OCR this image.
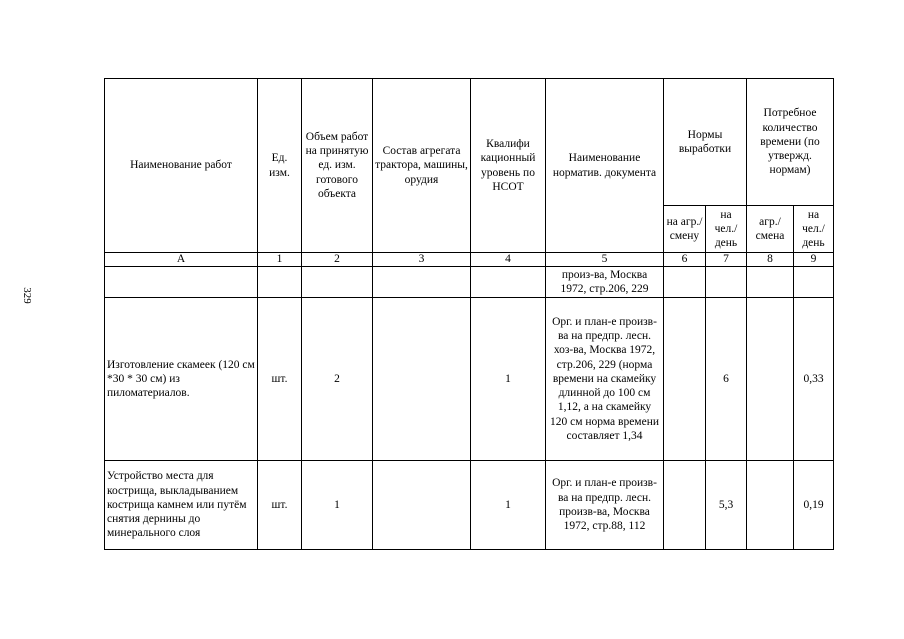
329
Наименование работ	Ед. изм.	Объем работ на принятую ед. изм. готового объекта	Состав агрегата трактора, машины, орудия	Квалифи кационный уровень по НСОТ	Наименование норматив. документа	Нормы выработки		Потребное количество времени (по утвержд. нормам)	
						на агр./ смену	на чел./ день	агр./ смена	на чел./ день
А	1	2	3	4	5	6	7	8	9
					произ-ва, Москва 1972, стр.206, 229				
Изготовление скамеек (120 см *30 * 30 см) из пиломатериалов.	шт.	2		1	Орг. и план-е произв-ва на предпр. лесн. хоз-ва, Москва 1972, стр.206, 229 (норма времени на скамейку длинной до 100 см 1,12, а на скамейку 120 см норма времени составляет 1,34		6		0,33
Устройство места для кострища, выкладыванием кострища камнем или путём снятия дернины до минерального слоя	шт.	1		1	Орг. и план-е произв-ва на предпр. лесн. произв-ва, Москва 1972, стр.88, 112		5,3		0,19
